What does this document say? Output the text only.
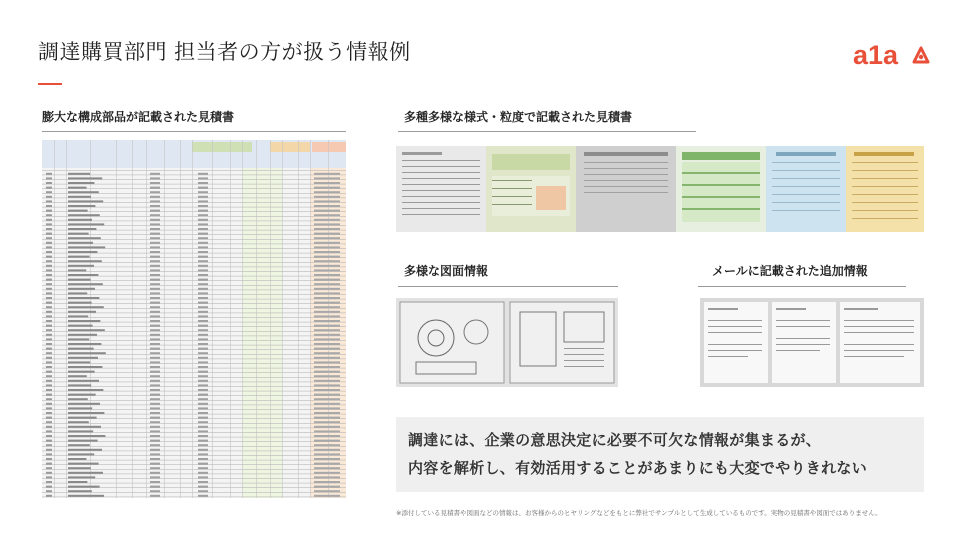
調達購買部門 担当者の方が扱う情報例	a1a
膨大な構成部品が記載された見積書	多種多様な様式・粒度で記載された見積書
多様な図面情報	メールに記載された追加情報

調達には、企業の意思決定に必要不可欠な情報が集まるが、

内容を解析し、有効活用することがあまりにも大変でやりきれない

※添付している見積書や図面などの情報は、お客様からのヒヤリングなどをもとに弊社でサンプルとして生成しているものです。実物の見積書や図面ではありません。
